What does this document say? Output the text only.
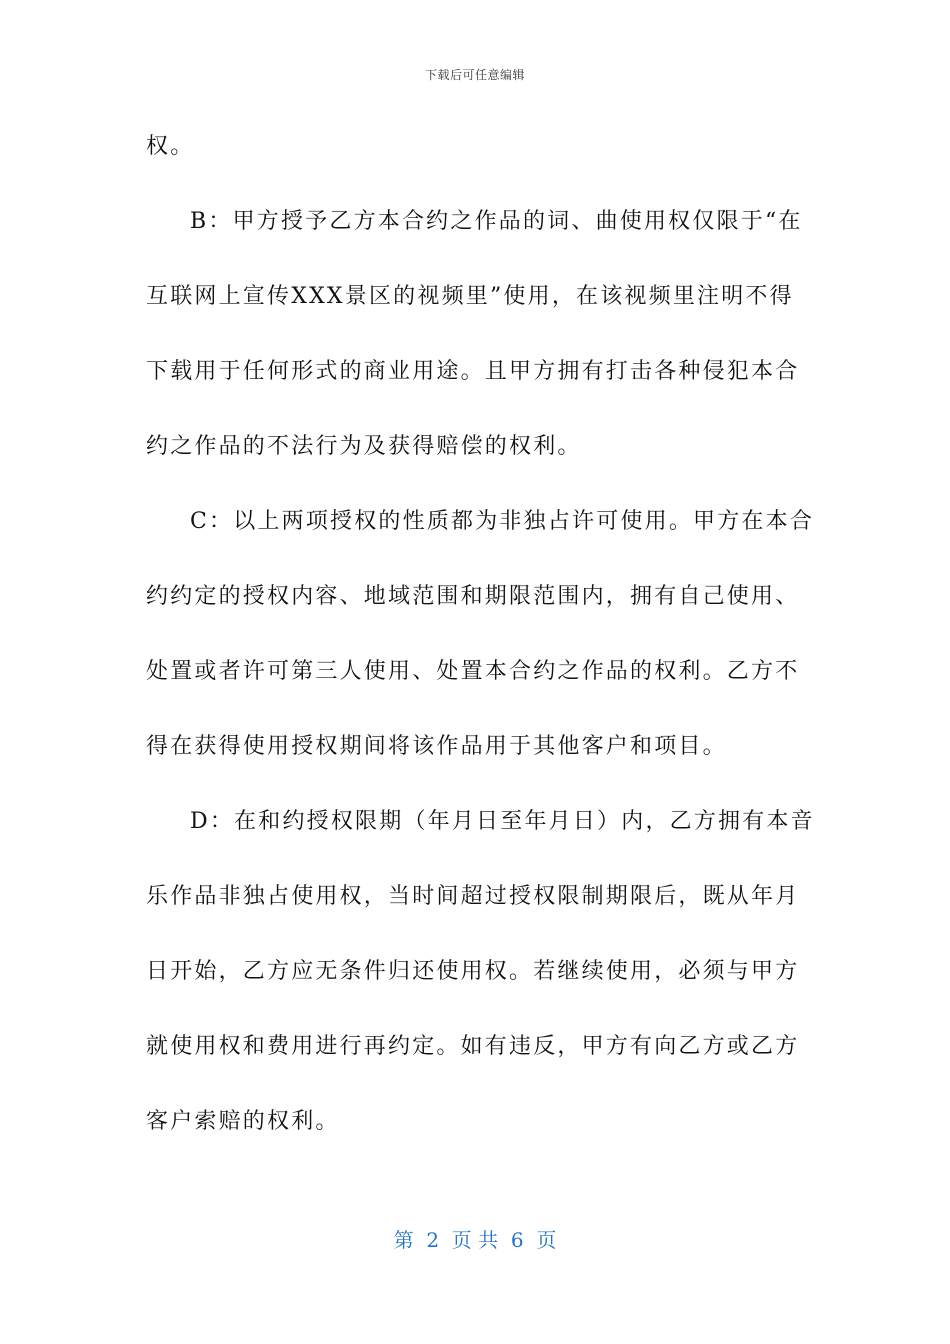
下载后可任意编辑
权。
B：甲方授予乙方本合约之作品的词、曲使用权仅限于“在
互联网上宣传XXX景区的视频里”使用，在该视频里注明不得
下载用于任何形式的商业用途。且甲方拥有打击各种侵犯本合
约之作品的不法行为及获得赔偿的权利。
C：以上两项授权的性质都为非独占许可使用。甲方在本合
约约定的授权内容、地域范围和期限范围内，拥有自己使用、
处置或者许可第三人使用、处置本合约之作品的权利。乙方不
得在获得使用授权期间将该作品用于其他客户和项目。
D：在和约授权限期（年月日至年月日）内，乙方拥有本音
乐作品非独占使用权，当时间超过授权限制期限后，既从年月
日开始，乙方应无条件归还使用权。若继续使用，必须与甲方
就使用权和费用进行再约定。如有违反，甲方有向乙方或乙方
客户索赔的权利。
第  2  页 共  6  页
